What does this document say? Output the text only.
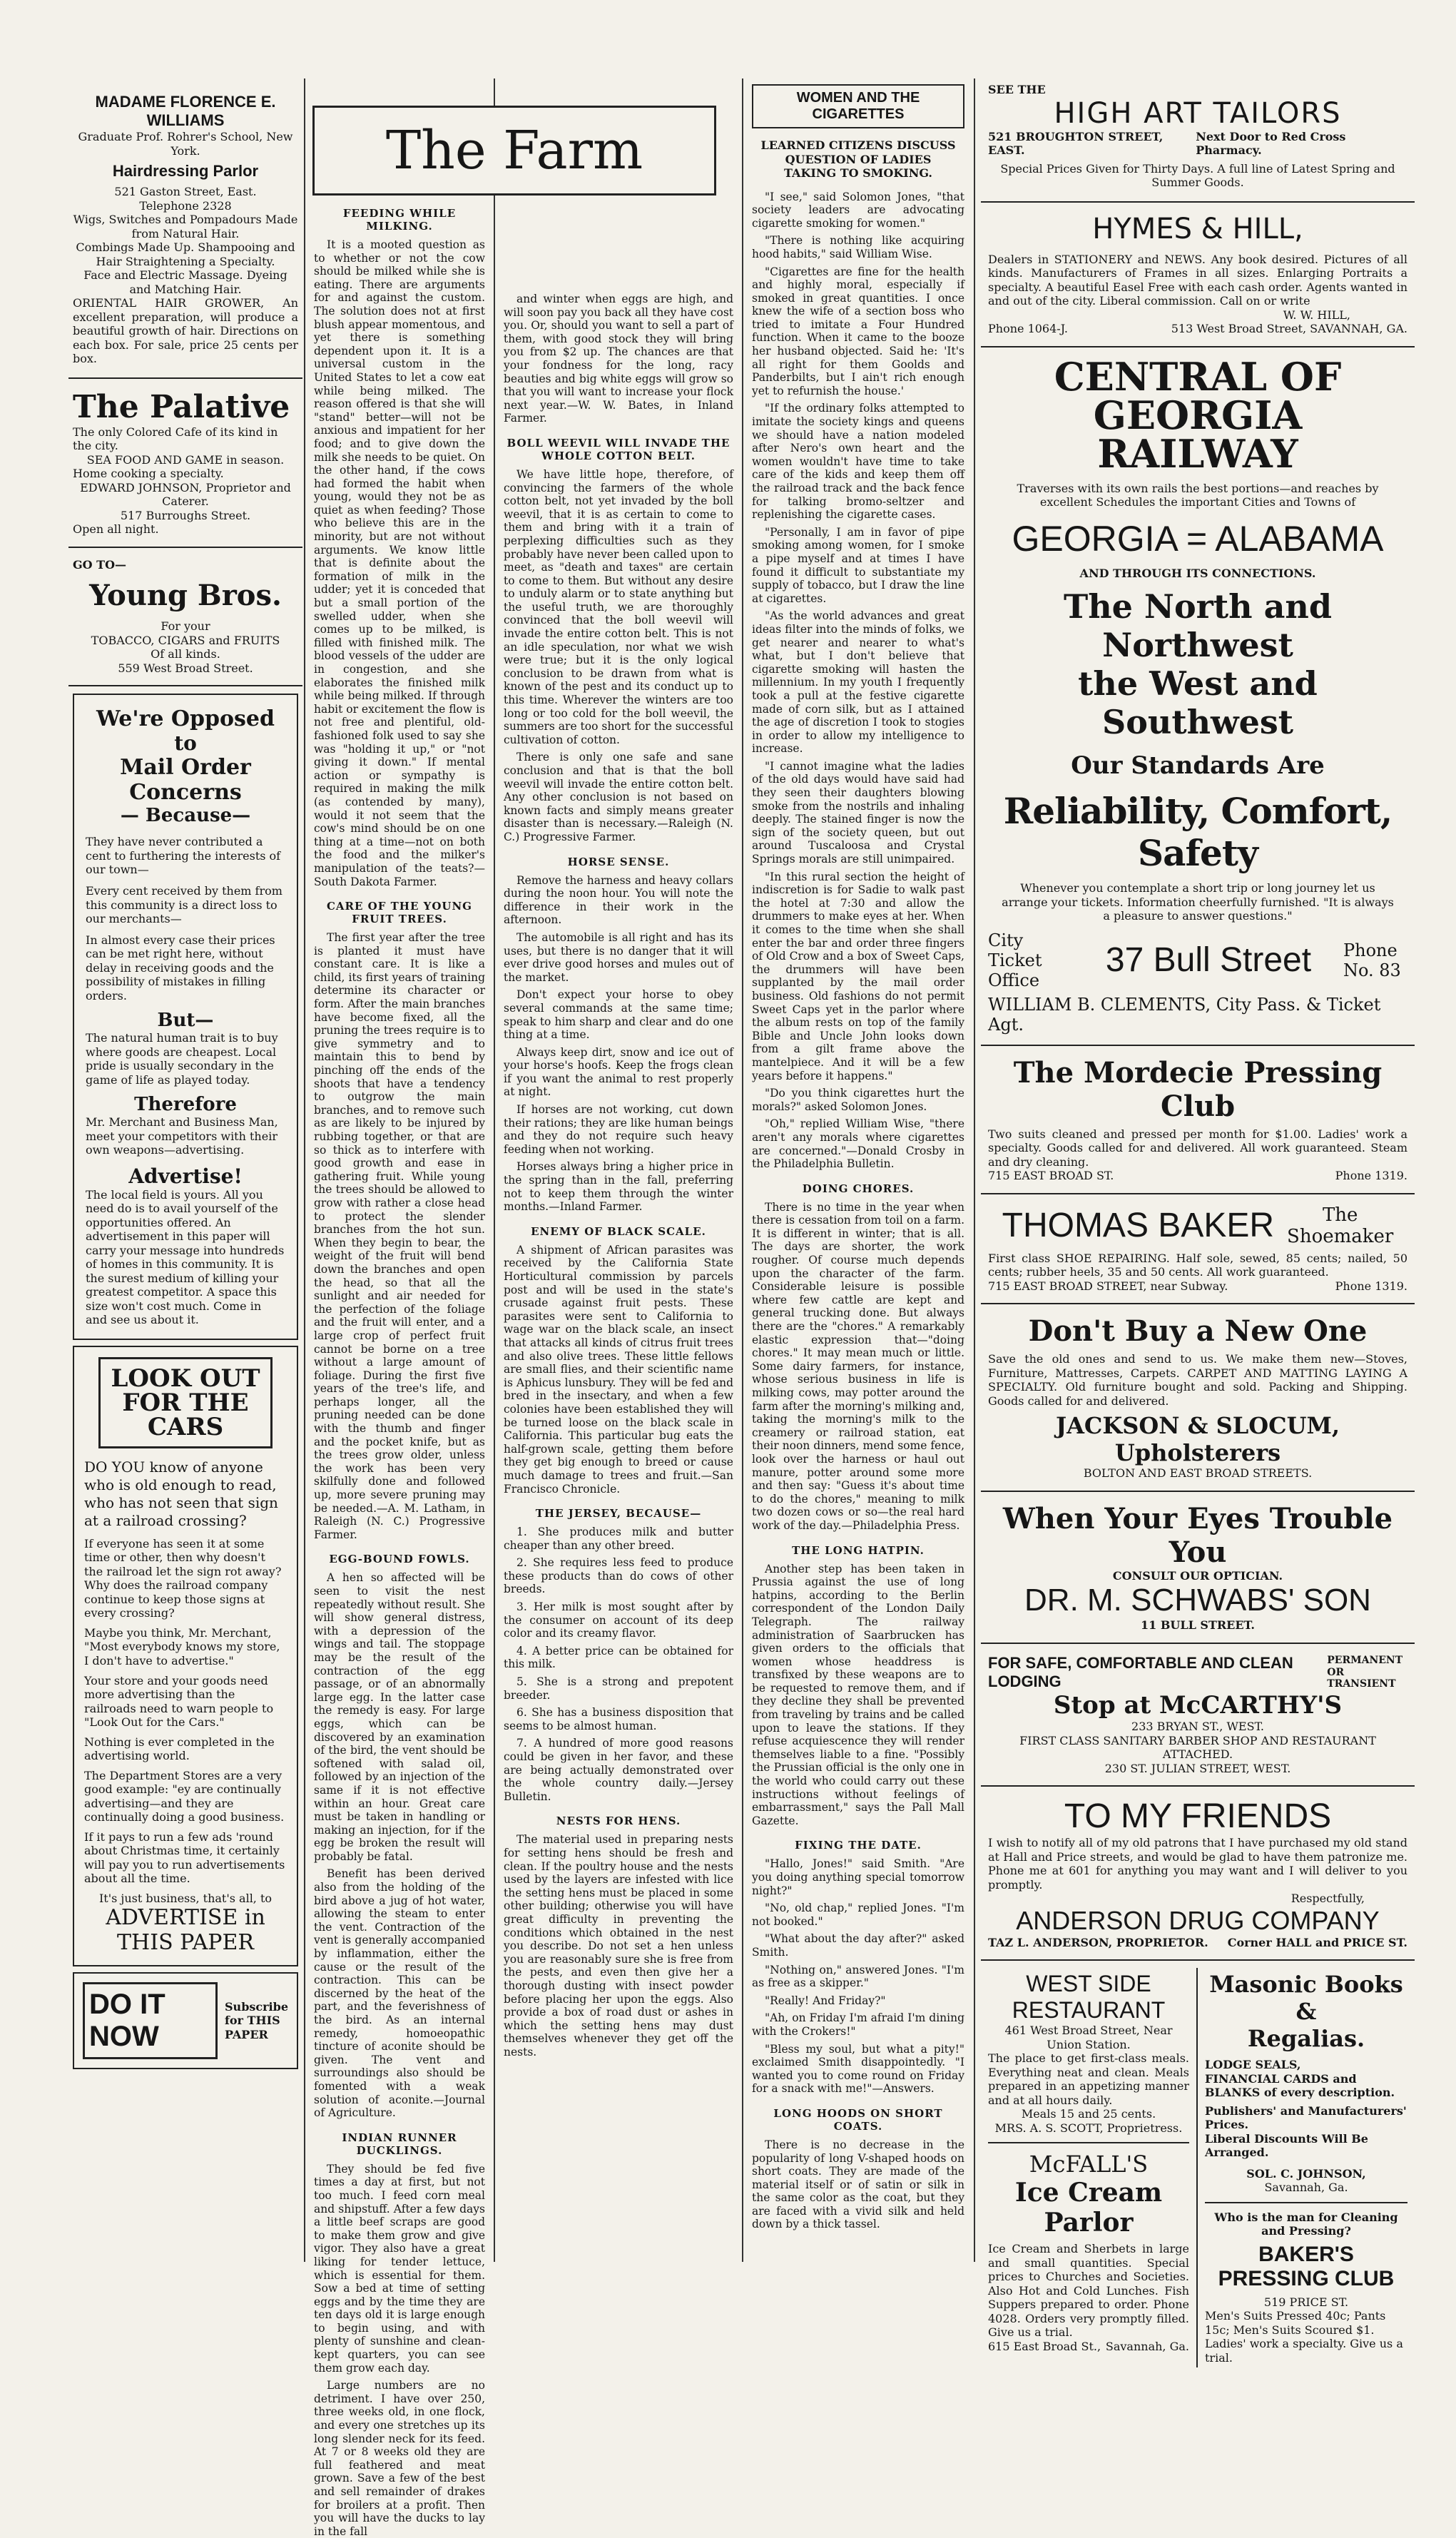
MADAME FLORENCE E. WILLIAMS
Graduate Prof. Rohrer's School, New York.
Hairdressing Parlor
521 Gaston Street, East.
Telephone 2328
Wigs, Switches and Pompadours Made from Natural Hair.
Combings Made Up. Shampooing and Hair Straightening a Specialty.
Face and Electric Massage. Dyeing and Matching Hair.
ORIENTAL HAIR GROWER, An excellent preparation, will produce a beautiful growth of hair. Directions on each box. For sale, price 25 cents per box.
The Palative
The only Colored Cafe of its kind in the city.
SEA FOOD AND GAME in season.
Home cooking a specialty.
EDWARD JOHNSON, Proprietor and Caterer.
517 Burroughs Street.
Open all night.
GO TO—
Young Bros.
For your
TOBACCO, CIGARS and FRUITS
Of all kinds.
559 West Broad Street.
We're Opposed
to
Mail Order Concerns
— Because—
They have never contributed a cent to furthering the interests of our town—
Every cent received by them from this community is a direct loss to our merchants—
In almost every case their prices can be met right here, without delay in receiving goods and the possibility of mistakes in filling orders.
But—
The natural human trait is to buy where goods are cheapest. Local pride is usually secondary in the game of life as played today.
Therefore
Mr. Merchant and Business Man, meet your competitors with their own weapons—advertising.
Advertise!
The local field is yours. All you need do is to avail yourself of the opportunities offered. An advertisement in this paper will carry your message into hundreds of homes in this community. It is the surest medium of killing your greatest competitor. A space this size won't cost much. Come in and see us about it.
LOOK OUT FOR THE CARS
DO YOU know of anyone who is old enough to read, who has not seen that sign at a railroad crossing?
If everyone has seen it at some time or other, then why doesn't the railroad let the sign rot away? Why does the railroad company continue to keep those signs at every crossing?
Maybe you think, Mr. Merchant, "Most everybody knows my store, I don't have to advertise."
Your store and your goods need more advertising than the railroads need to warn people to "Look Out for the Cars."
Nothing is ever completed in the advertising world.
The Department Stores are a very good example: "ey are continually advertising—and they are continually doing a good business.
If it pays to run a few ads 'round about Christmas time, it certainly will pay you to run advertisements about all the time.
It's just business, that's all, to
ADVERTISE in
THIS PAPER
DO IT NOW
Subscribe for THIS PAPER
The Farm
FEEDING WHILE MILKING.

It is a mooted question as to whether or not the cow should be milked while she is eating. There are arguments for and against the custom. The solution does not at first blush appear momentous, and yet there is something dependent upon it. It is a universal custom in the United States to let a cow eat while being milked. The reason offered is that she will "stand" better—will not be anxious and impatient for her food; and to give down the milk she needs to be quiet. On the other hand, if the cows had formed the habit when young, would they not be as quiet as when feeding? Those who believe this are in the minority, but are not without arguments. We know little that is definite about the formation of milk in the udder; yet it is conceded that but a small portion of the swelled udder, when she comes up to be milked, is filled with finished milk. The blood vessels of the udder are in congestion, and she elaborates the finished milk while being milked. If through habit or excitement the flow is not free and plentiful, old-fashioned folk used to say she was "holding it up," or "not giving it down." If mental action or sympathy is required in making the milk (as contended by many), would it not seem that the cow's mind should be on one thing at a time—not on both the food and the milker's manipulation of the teats?—South Dakota Farmer.

CARE OF THE YOUNG FRUIT TREES.

The first year after the tree is planted it must have constant care. It is like a child, its first years of training determine its character or form. After the main branches have become fixed, all the pruning the trees require is to give symmetry and to maintain this to bend by pinching off the ends of the shoots that have a tendency to outgrow the main branches, and to remove such as are likely to be injured by rubbing together, or that are so thick as to interfere with good growth and ease in gathering fruit. While young the trees should be allowed to grow with rather a close head to protect the slender branches from the hot sun. When they begin to bear, the weight of the fruit will bend down the branches and open the head, so that all the sunlight and air needed for the perfection of the foliage and the fruit will enter, and a large crop of perfect fruit cannot be borne on a tree without a large amount of foliage. During the first five years of the tree's life, and perhaps longer, all the pruning needed can be done with the thumb and finger and the pocket knife, but as the trees grow older, unless the work has been very skilfully done and followed up, more severe pruning may be needed.—A. M. Latham, in Raleigh (N. C.) Progressive Farmer.

EGG-BOUND FOWLS.

A hen so affected will be seen to visit the nest repeatedly without result. She will show general distress, with a depression of the wings and tail. The stoppage may be the result of the contraction of the egg passage, or of an abnormally large egg. In the latter case the remedy is easy. For large eggs, which can be discovered by an examination of the bird, the vent should be softened with salad oil, followed by an injection of the same if it is not effective within an hour. Great care must be taken in handling or making an injection, for if the egg be broken the result will probably be fatal.

Benefit has been derived also from the holding of the bird above a jug of hot water, allowing the steam to enter the vent. Contraction of the vent is generally accompanied by inflammation, either the cause or the result of the contraction. This can be discerned by the heat of the part, and the feverishness of the bird. As an internal remedy, homoeopathic tincture of aconite should be given. The vent and surroundings also should be fomented with a weak solution of aconite.—Journal of Agriculture.

INDIAN RUNNER DUCKLINGS.

They should be fed five times a day at first, but not too much. I feed corn meal and shipstuff. After a few days a little beef scraps are good to make them grow and give vigor. They also have a great liking for tender lettuce, which is essential for them. Sow a bed at time of setting eggs and by the time they are ten days old it is large enough to begin using, and with plenty of sunshine and clean-kept quarters, you can see them grow each day.

Large numbers are no detriment. I have over 250, three weeks old, in one flock, and every one stretches up its long slender neck for its feed. At 7 or 8 weeks old they are full feathered and meat grown. Save a few of the best and sell remainder of drakes for broilers at a profit. Then you will have the ducks to lay in the fall

and winter when eggs are high, and will soon pay you back all they have cost you. Or, should you want to sell a part of them, with good stock they will bring you from $2 up. The chances are that your fondness for the long, racy beauties and big white eggs will grow so that you will want to increase your flock next year.—W. W. Bates, in Inland Farmer.

BOLL WEEVIL WILL INVADE THE WHOLE COTTON BELT.

We have little hope, therefore, of convincing the farmers of the whole cotton belt, not yet invaded by the boll weevil, that it is as certain to come to them and bring with it a train of perplexing difficulties such as they probably have never been called upon to meet, as "death and taxes" are certain to come to them. But without any desire to unduly alarm or to state anything but the useful truth, we are thoroughly convinced that the boll weevil will invade the entire cotton belt. This is not an idle speculation, nor what we wish were true; but it is the only logical conclusion to be drawn from what is known of the pest and its conduct up to this time. Wherever the winters are too long or too cold for the boll weevil, the summers are too short for the successful cultivation of cotton.

There is only one safe and sane conclusion and that is that the boll weevil will invade the entire cotton belt. Any other conclusion is not based on known facts and simply means greater disaster than is necessary.—Raleigh (N. C.) Progressive Farmer.

HORSE SENSE.

Remove the harness and heavy collars during the noon hour. You will note the difference in their work in the afternoon.

The automobile is all right and has its uses, but there is no danger that it will ever drive good horses and mules out of the market.

Don't expect your horse to obey several commands at the same time; speak to him sharp and clear and do one thing at a time.

Always keep dirt, snow and ice out of your horse's hoofs. Keep the frogs clean if you want the animal to rest properly at night.

If horses are not working, cut down their rations; they are like human beings and they do not require such heavy feeding when not working.

Horses always bring a higher price in the spring than in the fall, preferring not to keep them through the winter months.—Inland Farmer.

ENEMY OF BLACK SCALE.

A shipment of African parasites was received by the California State Horticultural commission by parcels post and will be used in the state's crusade against fruit pests. These parasites were sent to California to wage war on the black scale, an insect that attacks all kinds of citrus fruit trees and also olive trees. These little fellows are small flies, and their scientific name is Aphicus lunsbury. They will be fed and bred in the insectary, and when a few colonies have been established they will be turned loose on the black scale in California. This particular bug eats the half-grown scale, getting them before they get big enough to breed or cause much damage to trees and fruit.—San Francisco Chronicle.

THE JERSEY, BECAUSE—

1. She produces milk and butter cheaper than any other breed.

2. She requires less feed to produce these products than do cows of other breeds.

3. Her milk is most sought after by the consumer on account of its deep color and its creamy flavor.

4. A better price can be obtained for this milk.

5. She is a strong and prepotent breeder.

6. She has a business disposition that seems to be almost human.

7. A hundred of more good reasons could be given in her favor, and these are being actually demonstrated over the whole country daily.—Jersey Bulletin.

NESTS FOR HENS.

The material used in preparing nests for setting hens should be fresh and clean. If the poultry house and the nests used by the layers are infested with lice the setting hens must be placed in some other building; otherwise you will have great difficulty in preventing the conditions which obtained in the nest you describe. Do not set a hen unless you are reasonably sure she is free from the pests, and even then give her a thorough dusting with insect powder before placing her upon the eggs. Also provide a box of road dust or ashes in which the setting hens may dust themselves whenever they get off the nests.

WOMEN AND THE CIGARETTES
LEARNED CITIZENS DISCUSS QUESTION OF LADIES TAKING TO SMOKING.

"I see," said Solomon Jones, "that society leaders are advocating cigarette smoking for women."

"There is nothing like acquiring hood habits," said William Wise.

"Cigarettes are fine for the health and highly moral, especially if smoked in great quantities. I once knew the wife of a section boss who tried to imitate a Four Hundred function. When it came to the booze her husband objected. Said he: 'It's all right for them Goolds and Panderbilts, but I ain't rich enough yet to refurnish the house.'

"If the ordinary folks attempted to imitate the society kings and queens we should have a nation modeled after Nero's own heart and the women wouldn't have time to take care of the kids and keep them off the railroad track and the back fence for talking bromo-seltzer and replenishing the cigarette cases.

"Personally, I am in favor of pipe smoking among women, for I smoke a pipe myself and at times I have found it difficult to substantiate my supply of tobacco, but I draw the line at cigarettes.

"As the world advances and great ideas filter into the minds of folks, we get nearer and nearer to what's what, but I don't believe that cigarette smoking will hasten the millennium. In my youth I frequently took a pull at the festive cigarette made of corn silk, but as I attained the age of discretion I took to stogies in order to allow my intelligence to increase.

"I cannot imagine what the ladies of the old days would have said had they seen their daughters blowing smoke from the nostrils and inhaling deeply. The stained finger is now the sign of the society queen, but out around Tuscaloosa and Crystal Springs morals are still unimpaired.

"In this rural section the height of indiscretion is for Sadie to walk past the hotel at 7:30 and allow the drummers to make eyes at her. When it comes to the time when she shall enter the bar and order three fingers of Old Crow and a box of Sweet Caps, the drummers will have been supplanted by the mail order business. Old fashions do not permit Sweet Caps yet in the parlor where the album rests on top of the family Bible and Uncle John looks down from a gilt frame above the mantelpiece. And it will be a few years before it happens."

"Do you think cigarettes hurt the morals?" asked Solomon Jones.

"Oh," replied William Wise, "there aren't any morals where cigarettes are concerned."—Donald Crosby in the Philadelphia Bulletin.

DOING CHORES.

There is no time in the year when there is cessation from toil on a farm. It is different in winter; that is all. The days are shorter, the work rougher. Of course much depends upon the character of the farm. Considerable leisure is possible where few cattle are kept and general trucking done. But always there are the "chores." A remarkably elastic expression that—"doing chores." It may mean much or little. Some dairy farmers, for instance, whose serious business in life is milking cows, may potter around the farm after the morning's milking and, taking the morning's milk to the creamery or railroad station, eat their noon dinners, mend some fence, look over the harness or haul out manure, potter around some more and then say: "Guess it's about time to do the chores," meaning to milk two dozen cows or so—the real hard work of the day.—Philadelphia Press.

THE LONG HATPIN.

Another step has been taken in Prussia against the use of long hatpins, according to the Berlin correspondent of the London Daily Telegraph. The railway administration of Saarbrucken has given orders to the officials that women whose headdress is transfixed by these weapons are to be requested to remove them, and if they decline they shall be prevented from traveling by trains and be called upon to leave the stations. If they refuse acquiescence they will render themselves liable to a fine. "Possibly the Prussian official is the only one in the world who could carry out these instructions without feelings of embarrassment," says the Pall Mall Gazette.

FIXING THE DATE.

"Hallo, Jones!" said Smith. "Are you doing anything special tomorrow night?"

"No, old chap," replied Jones. "I'm not booked."

"What about the day after?" asked Smith.

"Nothing on," answered Jones. "I'm as free as a skipper."

"Really! And Friday?"

"Ah, on Friday I'm afraid I'm dining with the Crokers!"

"Bless my soul, but what a pity!" exclaimed Smith disappointedly. "I wanted you to come round on Friday for a snack with me!"—Answers.

LONG HOODS ON SHORT COATS.

There is no decrease in the popularity of long V-shaped hoods on short coats. They are made of the material itself or of satin or silk in the same color as the coat, but they are faced with a vivid silk and held down by a thick tassel.

SEE THE
HIGH ART TAILORS
521 BROUGHTON STREET, EAST.
Next Door to Red Cross Pharmacy.
Special Prices Given for Thirty Days. A full line of Latest Spring and Summer Goods.
HYMES & HILL,
Dealers in STATIONERY and NEWS. Any book desired. Pictures of all kinds. Manufacturers of Frames in all sizes. Enlarging Portraits a specialty. A beautiful Easel Free with each cash order. Agents wanted in and out of the city. Liberal commission. Call on or write
W. W. HILL,
Phone 1064-J.	513 West Broad Street, SAVANNAH, GA.
CENTRAL OF GEORGIA
RAILWAY
Traverses with its own rails the best portions—and reaches by excellent Schedules the important Cities and Towns of
GEORGIA = ALABAMA
AND THROUGH ITS CONNECTIONS.
The North and Northwest
the West and Southwest
Our Standards Are
Reliability, Comfort, Safety
Whenever you contemplate a short trip or long journey let us arrange your tickets. Information cheerfully furnished. "It is always a pleasure to answer questions."
City Ticket Office
37 Bull Street Phone No. 83
WILLIAM B. CLEMENTS, City Pass. & Ticket Agt.
The Mordecie Pressing Club
Two suits cleaned and pressed per month for $1.00. Ladies' work a specialty. Goods called for and delivered. All work guaranteed. Steam and dry cleaning.
715 EAST BROAD ST.	Phone 1319.
THOMAS BAKER	The
Shoemaker
First class SHOE REPAIRING. Half sole, sewed, 85 cents; nailed, 50 cents; rubber heels, 35 and 50 cents. All work guaranteed.
715 EAST BROAD STREET, near Subway.	Phone 1319.
Don't Buy a New One
Save the old ones and send to us. We make them new—Stoves, Furniture, Mattresses, Carpets. CARPET AND MATTING LAYING A SPECIALTY. Old furniture bought and sold. Packing and Shipping. Goods called for and delivered.
JACKSON & SLOCUM, Upholsterers
BOLTON AND EAST BROAD STREETS.
When Your Eyes Trouble You
CONSULT OUR OPTICIAN.
DR. M. SCHWABS' SON
11 BULL STREET.
FOR SAFE, COMFORTABLE AND CLEAN LODGING
PERMANENT OR TRANSIENT
Stop at McCARTHY'S
233 BRYAN ST., WEST.
FIRST CLASS SANITARY BARBER SHOP AND RESTAURANT ATTACHED.
230 ST. JULIAN STREET, WEST.
TO MY FRIENDS
I wish to notify all of my old patrons that I have purchased my old stand at Hall and Price streets, and would be glad to have them patronize me. Phone me at 601 for anything you may want and I will deliver to you promptly.
Respectfully,
ANDERSON DRUG COMPANY
TAZ L. ANDERSON, PROPRIETOR. Corner HALL and PRICE ST.
WEST SIDE
RESTAURANT
461 West Broad Street, Near Union Station.
The place to get first-class meals. Everything neat and clean. Meals prepared in an appetizing manner and at all hours daily.
Meals 15 and 25 cents.
MRS. A. S. SCOTT, Proprietress.
McFALL'S
Ice Cream Parlor
Ice Cream and Sherbets in large and small quantities. Special prices to Churches and Societies. Also Hot and Cold Lunches. Fish Suppers prepared to order. Phone 4028. Orders very promptly filled. Give us a trial.
615 East Broad St., Savannah, Ga.
Masonic Books &
Regalias.
LODGE SEALS,
FINANCIAL CARDS and
BLANKS of every description.
Publishers' and Manufacturers' Prices.
Liberal Discounts Will Be Arranged.
SOL. C. JOHNSON,
Savannah, Ga.
Who is the man for Cleaning and Pressing?
BAKER'S PRESSING CLUB
519 PRICE ST.
Men's Suits Pressed 40c; Pants 15c; Men's Suits Scoured $1. Ladies' work a specialty. Give us a trial.
